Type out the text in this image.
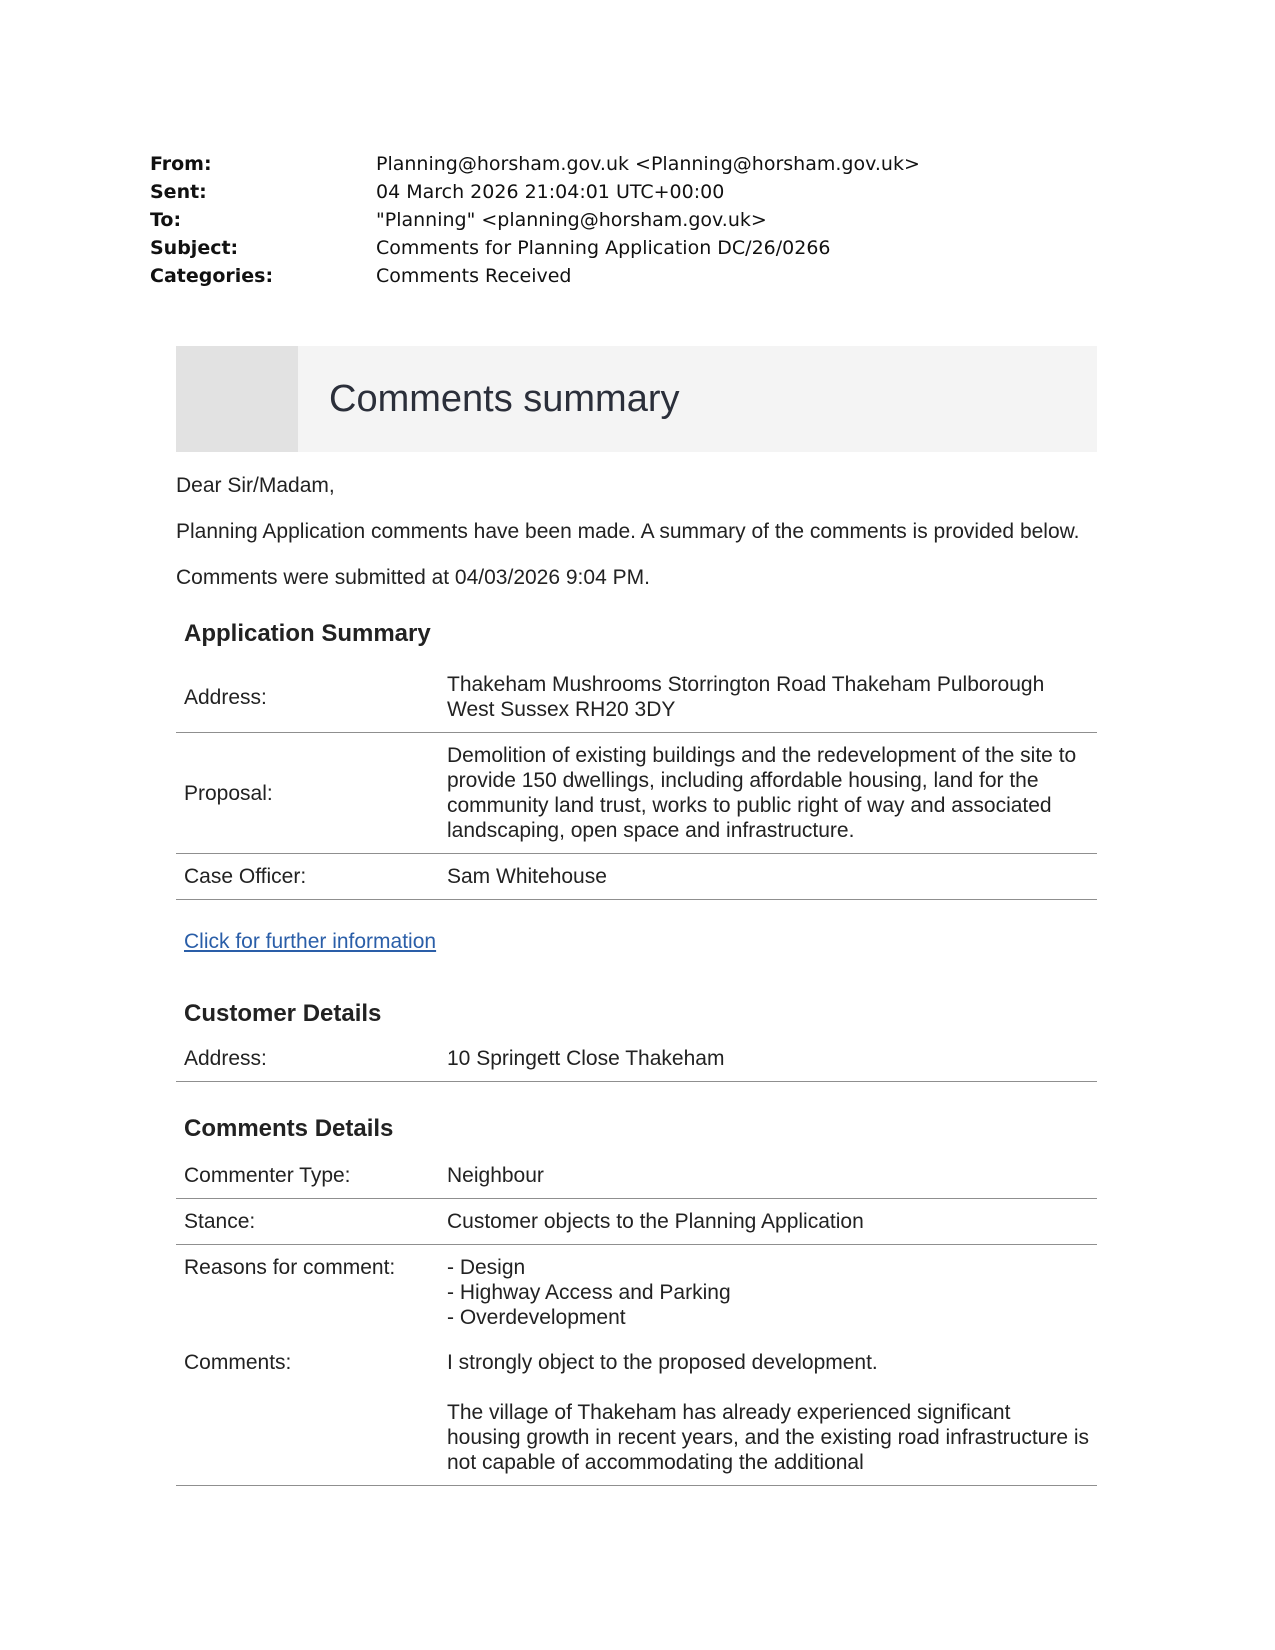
From:	Planning@horsham.gov.uk <Planning@horsham.gov.uk>
Sent:	04 March 2026 21:04:01 UTC+00:00
To:	"Planning" <planning@horsham.gov.uk>
Subject:	Comments for Planning Application DC/26/0266
Categories:	Comments Received
Comments summary

Dear Sir/Madam,

Planning Application comments have been made. A summary of the comments is provided below.

Comments were submitted at 04/03/2026 9:04 PM.

Application Summary
Address:	Thakeham Mushrooms Storrington Road Thakeham Pulborough West Sussex RH20 3DY
Proposal:	Demolition of existing buildings and the redevelopment of the site to provide 150 dwellings, including affordable housing, land for the community land trust, works to public right of way and associated landscaping, open space and infrastructure.
Case Officer:	Sam Whitehouse
Click for further information
Customer Details
Address:	10 Springett Close Thakeham
Comments Details
Commenter Type:	Neighbour
Stance:	Customer objects to the Planning Application
Reasons for comment:	- Design
- Highway Access and Parking
- Overdevelopment

Comments:	I strongly object to the proposed development.
The village of Thakeham has already experienced significant housing growth in recent years, and the existing road infrastructure is not capable of accommodating the additional
